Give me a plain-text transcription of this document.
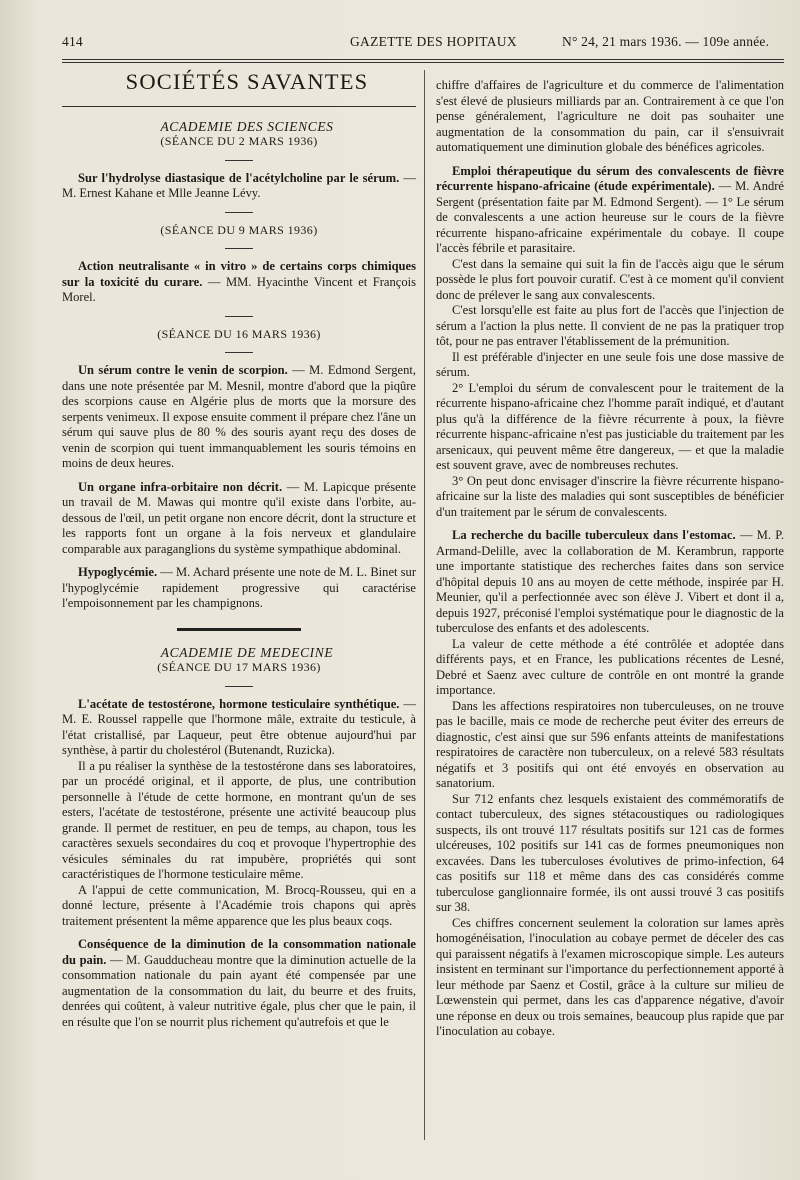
414	GAZETTE DES HOPITAUX	N° 24, 21 mars 1936. — 109e année.

SOCIÉTÉS SAVANTES

ACADEMIE DES SCIENCES

(SÉANCE DU 2 MARS 1936)

Sur l'hydrolyse diastasique de l'acétylcholine par le sérum. — M. Ernest Kahane et Mlle Jeanne Lévy.

(SÉANCE DU 9 MARS 1936)

Action neutralisante « in vitro » de certains corps chimiques sur la toxicité du curare. — MM. Hyacinthe Vincent et François Morel.

(SÉANCE DU 16 MARS 1936)

Un sérum contre le venin de scorpion. — M. Edmond Sergent, dans une note présentée par M. Mesnil, montre d'abord que la piqûre des scorpions cause en Algérie plus de morts que la morsure des serpents venimeux. Il expose ensuite comment il prépare chez l'âne un sérum qui sauve plus de 80 % des souris ayant reçu des doses de venin de scorpion qui tuent immanquablement les souris témoins en moins de deux heures.

Un organe infra-orbitaire non décrit. — M. Lapicque présente un travail de M. Mawas qui montre qu'il existe dans l'orbite, au-dessous de l'œil, un petit organe non encore décrit, dont la structure et les rapports font un organe à la fois nerveux et glandulaire comparable aux paraganglions du système sympathique abdominal.

Hypoglycémie. — M. Achard présente une note de M. L. Binet sur l'hypoglycémie rapidement progressive qui caractérise l'empoisonnement par les champignons.

ACADEMIE DE MEDECINE

(SÉANCE DU 17 MARS 1936)

L'acétate de testostérone, hormone testiculaire synthétique. — M. E. Roussel rappelle que l'hormone mâle, extraite du testicule, à l'état cristallisé, par Laqueur, peut être obtenue aujourd'hui par synthèse, à partir du cholestérol (Butenandt, Ruzicka).

Il a pu réaliser la synthèse de la testostérone dans ses laboratoires, par un procédé original, et il apporte, de plus, une contribution personnelle à l'étude de cette hormone, en montrant qu'un de ses esters, l'acétate de testostérone, présente une activité beaucoup plus grande. Il permet de restituer, en peu de temps, au chapon, tous les caractères sexuels secondaires du coq et provoque l'hypertrophie des vésicules séminales du rat impubère, propriétés qui sont caractéristiques de l'hormone testiculaire même.

A l'appui de cette communication, M. Brocq-Rousseu, qui en a donné lecture, présente à l'Académie trois chapons qui après traitement présentent la même apparence que les plus beaux coqs.

Conséquence de la diminution de la consommation nationale du pain. — M. Gaudducheau montre que la diminution actuelle de la consommation nationale du pain ayant été compensée par une augmentation de la consommation du lait, du beurre et des fruits, denrées qui coûtent, à valeur nutritive égale, plus cher que le pain, il en résulte que l'on se nourrit plus richement qu'autrefois et que le

chiffre d'affaires de l'agriculture et du commerce de l'alimentation s'est élevé de plusieurs milliards par an. Contrairement à ce que l'on pense généralement, l'agriculture ne doit pas souhaiter une augmentation de la consommation du pain, car il s'ensuivrait automatiquement une diminution globale des bénéfices agricoles.

Emploi thérapeutique du sérum des convalescents de fièvre récurrente hispano-africaine (étude expérimentale). — M. André Sergent (présentation faite par M. Edmond Sergent). — 1° Le sérum de convalescents a une action heureuse sur le cours de la fièvre récurrente hispano-africaine expérimentale du cobaye. Il coupe l'accès fébrile et parasitaire.

C'est dans la semaine qui suit la fin de l'accès aigu que le sérum possède le plus fort pouvoir curatif. C'est à ce moment qu'il convient donc de prélever le sang aux convalescents.

C'est lorsqu'elle est faite au plus fort de l'accès que l'injection de sérum a l'action la plus nette. Il convient de ne pas la pratiquer trop tôt, pour ne pas entraver l'établissement de la prémunition.

Il est préférable d'injecter en une seule fois une dose massive de sérum.

2° L'emploi du sérum de convalescent pour le traitement de la récurrente hispano-africaine chez l'homme paraît indiqué, et d'autant plus qu'à la différence de la fièvre récurrente à poux, la fièvre récurrente hispanc-africaine n'est pas justiciable du traitement par les arsenicaux, qui peuvent même être dangereux, — et que la maladie est souvent grave, avec de nombreuses rechutes.

3° On peut donc envisager d'inscrire la fièvre récurrente hispano-africaine sur la liste des maladies qui sont susceptibles de bénéficier d'un traitement par le sérum de convalescents.

La recherche du bacille tuberculeux dans l'estomac. — M. P. Armand-Delille, avec la collaboration de M. Kerambrun, rapporte une importante statistique des recherches faites dans son service d'hôpital depuis 10 ans au moyen de cette méthode, inspirée par H. Meunier, qu'il a perfectionnée avec son élève J. Vibert et dont il a, depuis 1927, préconisé l'emploi systématique pour le diagnostic de la tuberculose des enfants et des adolescents.

La valeur de cette méthode a été contrôlée et adoptée dans différents pays, et en France, les publications récentes de Lesné, Debré et Saenz avec culture de contrôle en ont montré la grande importance.

Dans les affections respiratoires non tuberculeuses, on ne trouve pas le bacille, mais ce mode de recherche peut éviter des erreurs de diagnostic, c'est ainsi que sur 596 enfants atteints de manifestations respiratoires de caractère non tuberculeux, on a relevé 583 résultats négatifs et 3 positifs qui ont été envoyés en observation au sanatorium.

Sur 712 enfants chez lesquels existaient des commémoratifs de contact tuberculeux, des signes stétacoustiques ou radiologiques suspects, ils ont trouvé 117 résultats positifs sur 121 cas de formes ulcéreuses, 102 positifs sur 141 cas de formes pneumoniques non excavées. Dans les tuberculoses évolutives de primo-infection, 64 cas positifs sur 118 et même dans des cas considérés comme tuberculose ganglionnaire formée, ils ont aussi trouvé 3 cas positifs sur 38.

Ces chiffres concernent seulement la coloration sur lames après homogénéisation, l'inoculation au cobaye permet de déceler des cas qui paraissent négatifs à l'examen microscopique simple. Les auteurs insistent en terminant sur l'importance du perfectionnement apporté à leur méthode par Saenz et Costil, grâce à la culture sur milieu de Lœwenstein qui permet, dans les cas d'apparence négative, d'avoir une réponse en deux ou trois semaines, beaucoup plus rapide que par l'inoculation au cobaye.
